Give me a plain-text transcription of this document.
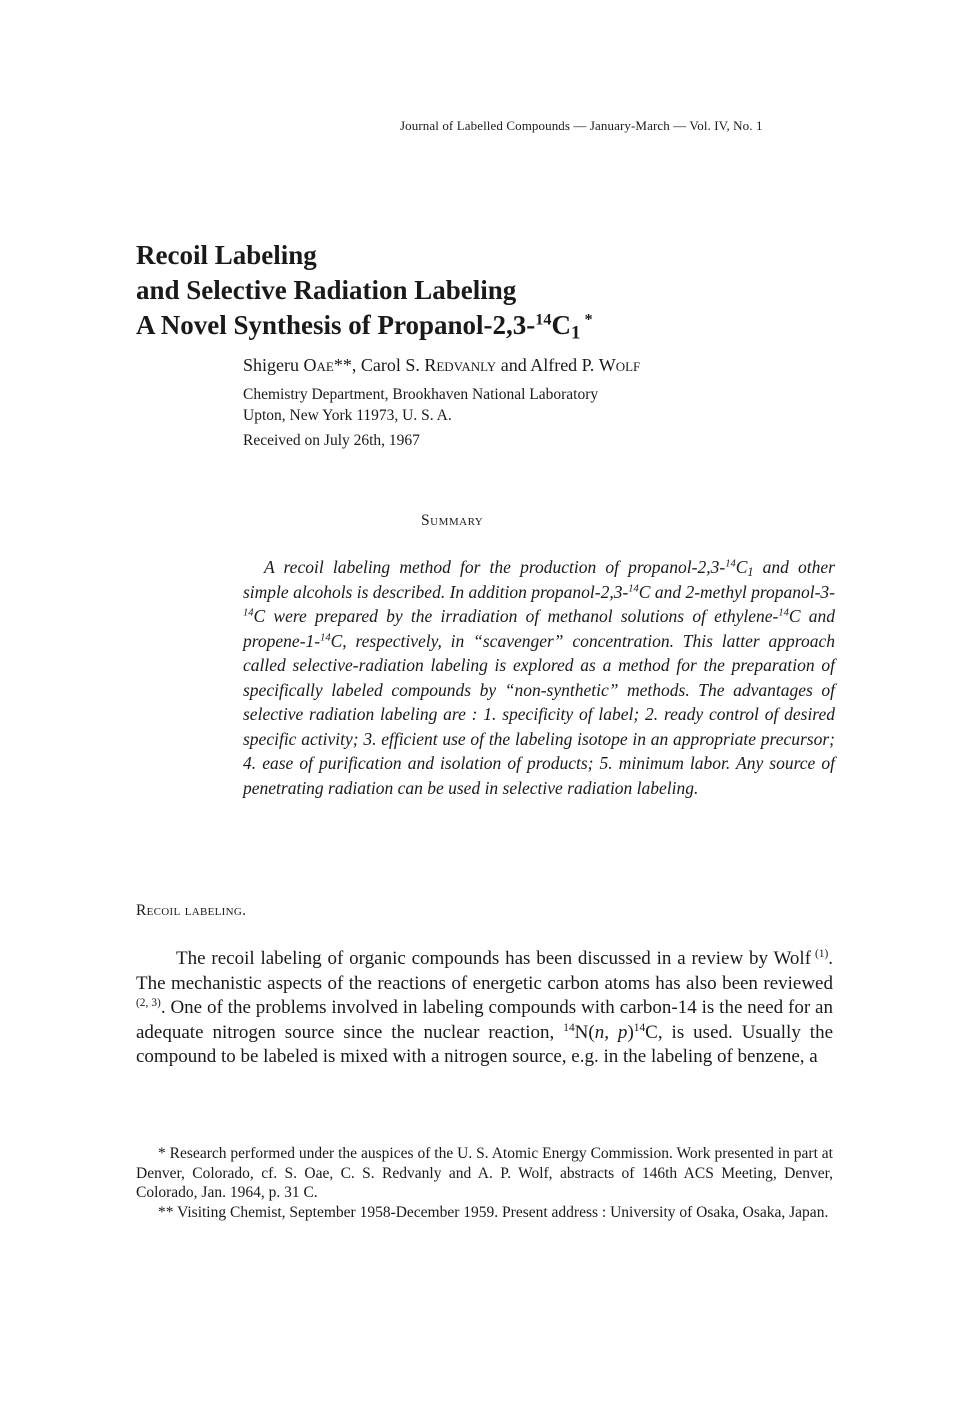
Journal of Labelled Compounds — January-March — Vol. IV, No. 1
Recoil Labeling
and Selective Radiation Labeling
A Novel Synthesis of Propanol-$2,3-^{14}C_1$ *
Shigeru Oae**, Carol S. Redvanly and Alfred P. Wolf
Chemistry Department, Brookhaven National Laboratory
Upton, New York 11973, U. S. A.
Received on July 26th, 1967
Summary

A recoil labeling method for the production of propanol-$2,3-^{14}C_1$ and other simple alcohols is described. In addition propanol-2,3-$^{14}$C and 2-methyl propanol-3-$^{14}$C were prepared by the irradiation of methanol solutions of ethylene-$^{14}$C and propene-1-$^{14}$C, respectively, in “scavenger” concentration. This latter approach called selective-radiation labeling is explored as a method for the preparation of specifically labeled compounds by “non-synthetic” methods. The advantages of selective radiation labeling are : 1. specificity of label; 2. ready control of desired specific activity; 3. efficient use of the labeling isotope in an appropriate precursor; 4. ease of purification and isolation of products; 5. minimum labor. Any source of penetrating radiation can be used in selective radiation labeling.

Recoil labeling.

The recoil labeling of organic compounds has been discussed in a review by Wolf $^{(1)}$. The mechanistic aspects of the reactions of energetic carbon atoms has also been reviewed $^{(2, 3)}$. One of the problems involved in labeling compounds with carbon-14 is the need for an adequate nitrogen source since the nuclear reaction, $^{14}$N(n, p)$^{14}$C, is used. Usually the compound to be labeled is mixed with a nitrogen source, e.g. in the labeling of benzene, a

* Research performed under the auspices of the U. S. Atomic Energy Commission. Work presented in part at Denver, Colorado, cf. S. Oae, C. S. Redvanly and A. P. Wolf, abstracts of 146th ACS Meeting, Denver, Colorado, Jan. 1964, p. 31 C.

** Visiting Chemist, September 1958-December 1959. Present address : University of Osaka, Osaka, Japan.
